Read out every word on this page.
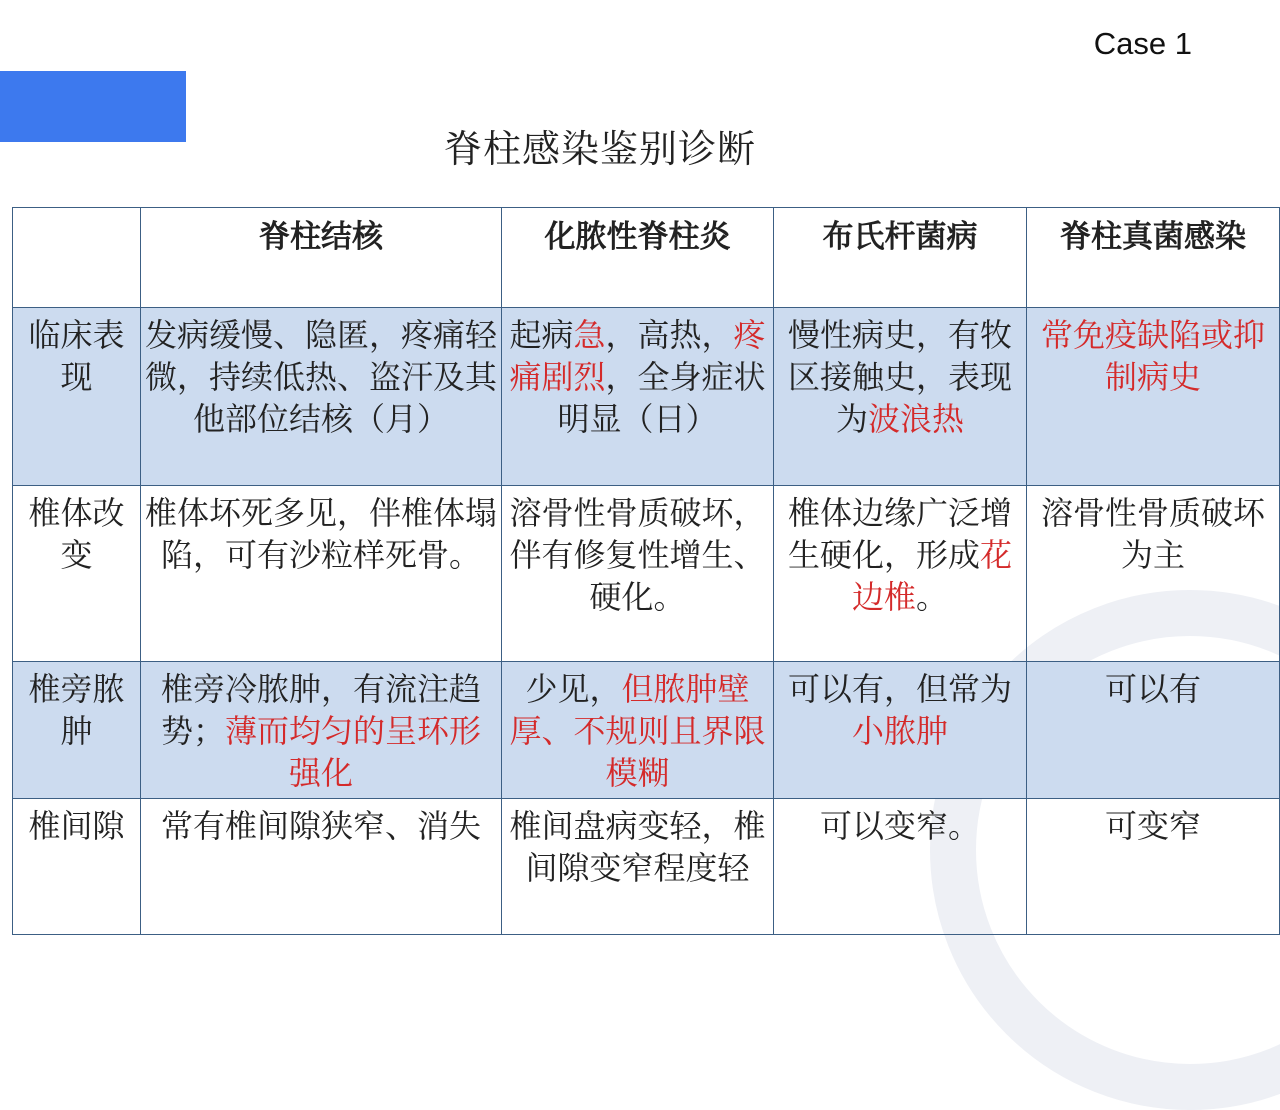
Case 1
脊柱感染鉴别诊断
	脊柱结核	化脓性脊柱炎	布氏杆菌病	脊柱真菌感染
临床表现	发病缓慢、隐匿，疼痛轻微，持续低热、盗汗及其他部位结核（月）	起病急，高热，疼痛剧烈，全身症状明显（日）	慢性病史，有牧区接触史，表现为波浪热	常免疫缺陷或抑制病史
椎体改变	椎体坏死多见，伴椎体塌陷，可有沙粒样死骨。	溶骨性骨质破坏，伴有修复性增生、硬化。	椎体边缘广泛增生硬化，形成花边椎。	溶骨性骨质破坏为主
椎旁脓肿	椎旁冷脓肿，有流注趋势；薄而均匀的呈环形强化	少见，但脓肿壁厚、不规则且界限模糊	可以有，但常为小脓肿	可以有
椎间隙	常有椎间隙狭窄、消失	椎间盘病变轻，椎间隙变窄程度轻	可以变窄。	可变窄
